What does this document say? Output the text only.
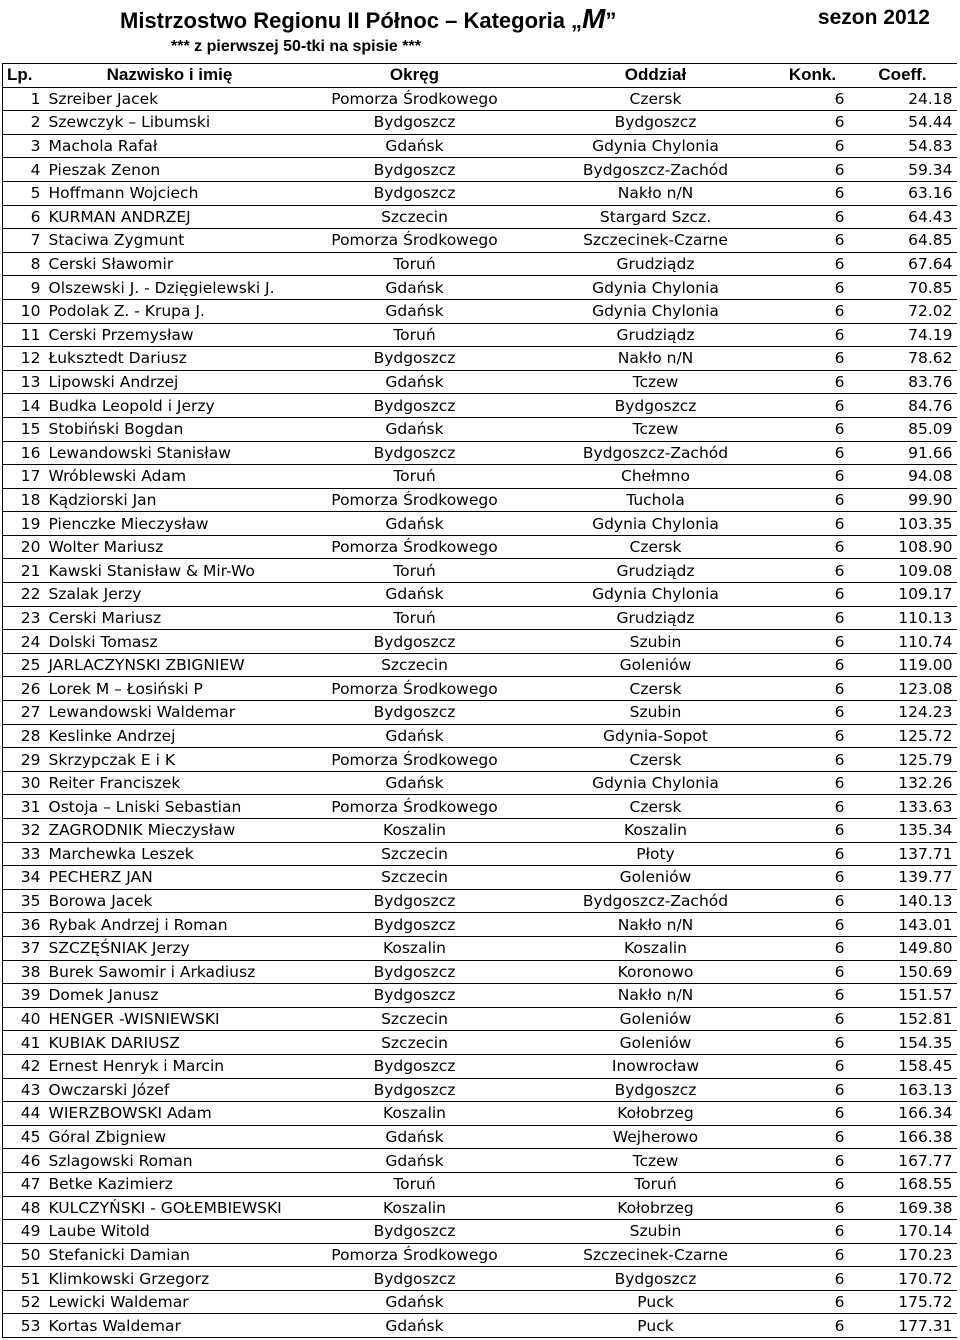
Mistrzostwo Regionu II Północ – Kategoria „M”	sezon 2012
*** z pierwszej 50-tki na spisie ***
Lp.	Nazwisko i imię	Okręg	Oddział	Konk.	Coeff.
1	Szreiber Jacek	Pomorza Środkowego	Czersk	6	24.18
2	Szewczyk – Libumski	Bydgoszcz	Bydgoszcz	6	54.44
3	Machola Rafał	Gdańsk	Gdynia Chylonia	6	54.83
4	Pieszak Zenon	Bydgoszcz	Bydgoszcz-Zachód	6	59.34
5	Hoffmann Wojciech	Bydgoszcz	Nakło n/N	6	63.16
6	KURMAN ANDRZEJ	Szczecin	Stargard Szcz.	6	64.43
7	Staciwa Zygmunt	Pomorza Środkowego	Szczecinek-Czarne	6	64.85
8	Cerski Sławomir	Toruń	Grudziądz	6	67.64
9	Olszewski J. - Dzięgielewski J.	Gdańsk	Gdynia Chylonia	6	70.85
10	Podolak Z. - Krupa J.	Gdańsk	Gdynia Chylonia	6	72.02
11	Cerski Przemysław	Toruń	Grudziądz	6	74.19
12	Łuksztedt Dariusz	Bydgoszcz	Nakło n/N	6	78.62
13	Lipowski Andrzej	Gdańsk	Tczew	6	83.76
14	Budka Leopold i Jerzy	Bydgoszcz	Bydgoszcz	6	84.76
15	Stobiński Bogdan	Gdańsk	Tczew	6	85.09
16	Lewandowski Stanisław	Bydgoszcz	Bydgoszcz-Zachód	6	91.66
17	Wróblewski Adam	Toruń	Chełmno	6	94.08
18	Kądziorski Jan	Pomorza Środkowego	Tuchola	6	99.90
19	Pienczke Mieczysław	Gdańsk	Gdynia Chylonia	6	103.35
20	Wolter Mariusz	Pomorza Środkowego	Czersk	6	108.90
21	Kawski Stanisław & Mir-Wo	Toruń	Grudziądz	6	109.08
22	Szalak Jerzy	Gdańsk	Gdynia Chylonia	6	109.17
23	Cerski Mariusz	Toruń	Grudziądz	6	110.13
24	Dolski Tomasz	Bydgoszcz	Szubin	6	110.74
25	JARLACZYNSKI ZBIGNIEW	Szczecin	Goleniów	6	119.00
26	Lorek M – Łosiński P	Pomorza Środkowego	Czersk	6	123.08
27	Lewandowski Waldemar	Bydgoszcz	Szubin	6	124.23
28	Keslinke Andrzej	Gdańsk	Gdynia-Sopot	6	125.72
29	Skrzypczak E i K	Pomorza Środkowego	Czersk	6	125.79
30	Reiter Franciszek	Gdańsk	Gdynia Chylonia	6	132.26
31	Ostoja – Lniski Sebastian	Pomorza Środkowego	Czersk	6	133.63
32	ZAGRODNIK Mieczysław	Koszalin	Koszalin	6	135.34
33	Marchewka Leszek	Szczecin	Płoty	6	137.71
34	PECHERZ JAN	Szczecin	Goleniów	6	139.77
35	Borowa Jacek	Bydgoszcz	Bydgoszcz-Zachód	6	140.13
36	Rybak Andrzej i Roman	Bydgoszcz	Nakło n/N	6	143.01
37	SZCZĘŚNIAK Jerzy	Koszalin	Koszalin	6	149.80
38	Burek Sawomir i Arkadiusz	Bydgoszcz	Koronowo	6	150.69
39	Domek Janusz	Bydgoszcz	Nakło n/N	6	151.57
40	HENGER -WISNIEWSKI	Szczecin	Goleniów	6	152.81
41	KUBIAK DARIUSZ	Szczecin	Goleniów	6	154.35
42	Ernest Henryk i Marcin	Bydgoszcz	Inowrocław	6	158.45
43	Owczarski Józef	Bydgoszcz	Bydgoszcz	6	163.13
44	WIERZBOWSKI Adam	Koszalin	Kołobrzeg	6	166.34
45	Góral Zbigniew	Gdańsk	Wejherowo	6	166.38
46	Szlagowski Roman	Gdańsk	Tczew	6	167.77
47	Betke Kazimierz	Toruń	Toruń	6	168.55
48	KULCZYŃSKI - GOŁEMBIEWSKI	Koszalin	Kołobrzeg	6	169.38
49	Laube Witold	Bydgoszcz	Szubin	6	170.14
50	Stefanicki Damian	Pomorza Środkowego	Szczecinek-Czarne	6	170.23
51	Klimkowski Grzegorz	Bydgoszcz	Bydgoszcz	6	170.72
52	Lewicki Waldemar	Gdańsk	Puck	6	175.72
53	Kortas Waldemar	Gdańsk	Puck	6	177.31
